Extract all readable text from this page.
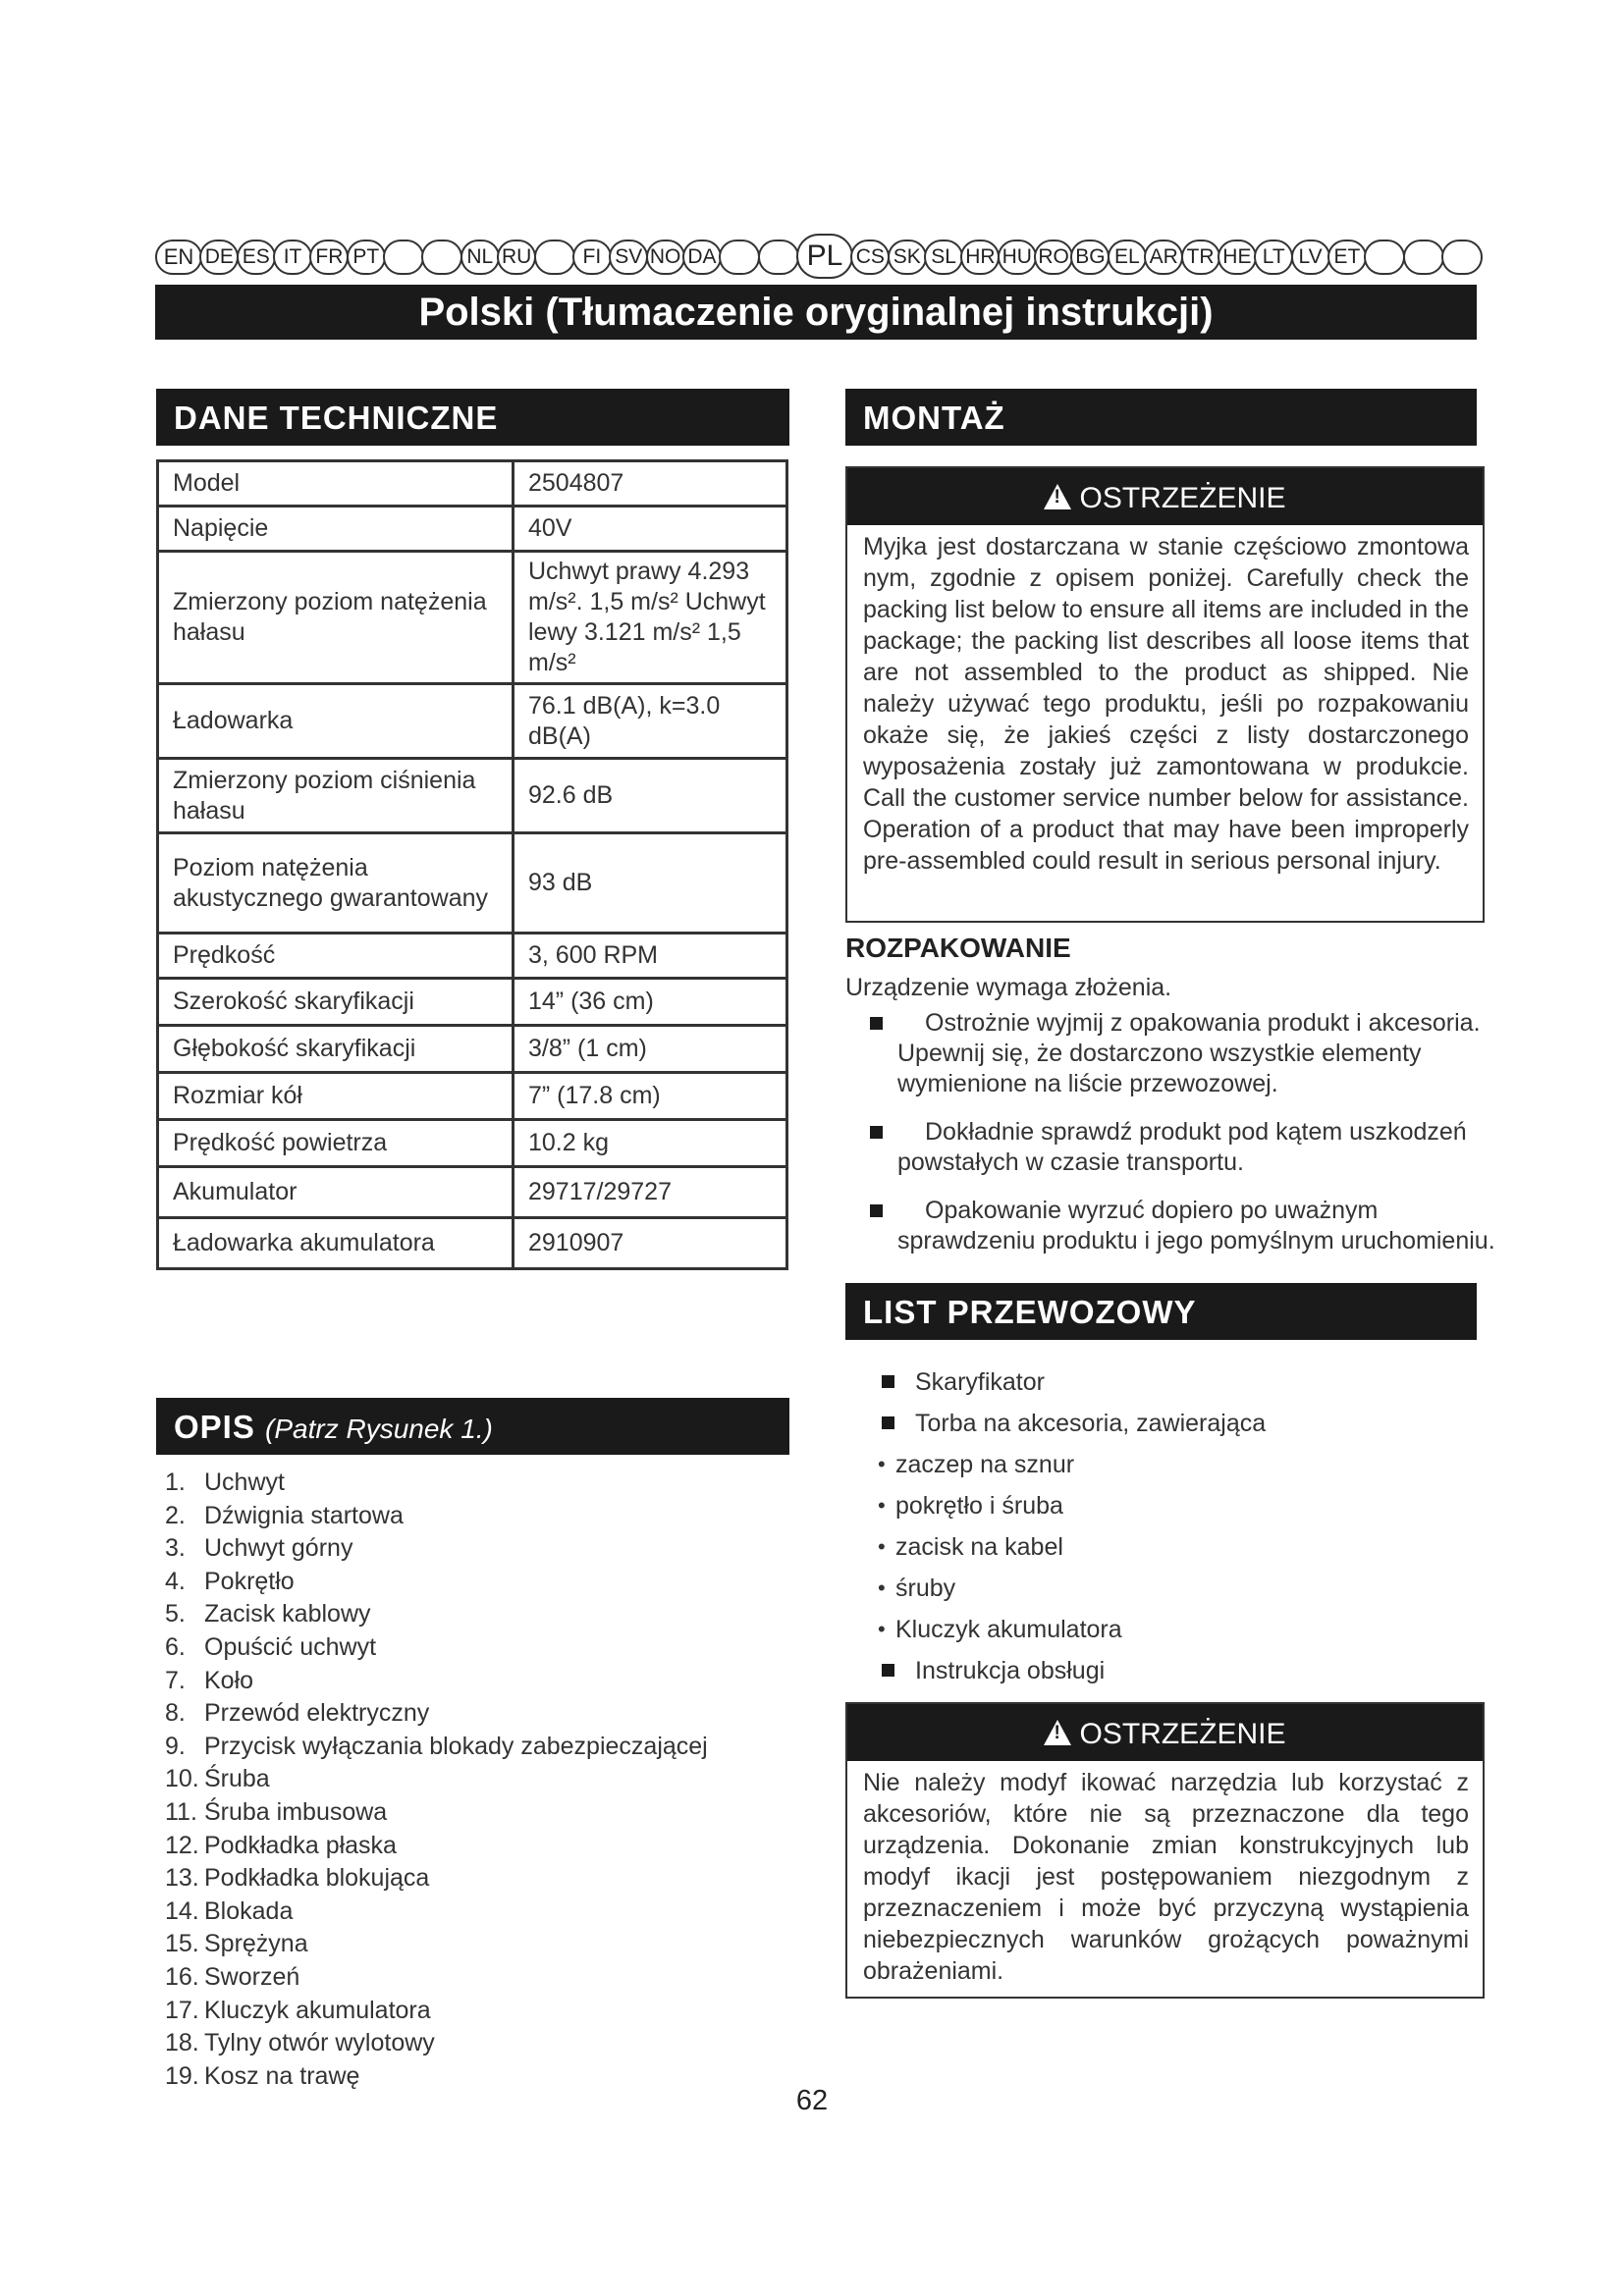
EN DE ES IT FR PT	NL RU	FI SV NO DA	PL CS SK SL HR HU RO BG EL AR TR HE LT LV ET
Polski (Tłumaczenie oryginalnej instrukcji)
DANE TECHNICZNE
Model	2504807
Napięcie	40V
Zmierzony poziom natężenia hałasu	Uchwyt prawy 4.293 m/s². 1,5 m/s² Uchwyt lewy 3.121 m/s² 1,5 m/s²
Ładowarka	76.1 dB(A), k=3.0 dB(A)
Zmierzony poziom ciśnienia hałasu	92.6 dB
Poziom natężenia akustycznego gwarantowany	93 dB
Prędkość	3, 600 RPM
Szerokość skaryfikacji	14” (36 cm)
Głębokość skaryfikacji	3/8” (1 cm)
Rozmiar kół	7” (17.8 cm)
Prędkość powietrza	10.2 kg
Akumulator	29717/29727
Ładowarka akumulatora	2910907
OPIS (Patrz Rysunek 1.)
1. Uchwyt
2. Dźwignia startowa
3. Uchwyt górny
4. Pokrętło
5. Zacisk kablowy
6. Opuścić uchwyt
7. Koło
8. Przewód elektryczny
9. Przycisk wyłączania blokady zabezpieczającej
10. Śruba
11. Śruba imbusowa
12. Podkładka płaska
13. Podkładka blokująca
14. Blokada
15. Sprężyna
16. Sworzeń
17. Kluczyk akumulatora
18. Tylny otwór wylotowy
19. Kosz na trawę
MONTAŻ
!OSTRZEŻENIE
Myjka jest dostarczana w stanie częściowo zmontowa nym, zgodnie z opisem poniżej. Carefully check the packing list below to ensure all items are included in the package; the packing list describes all loose items that are not assembled to the product as shipped. Nie należy używać tego produktu, jeśli po rozpakowaniu okaże się, że jakieś części z listy dostarczonego wyposażenia zostały już zamontowana w produkcie. Call the customer service number below for assistance. Operation of a product that may have been improperly pre-assembled could result in serious personal injury.
ROZPAKOWANIE
Urządzenie wymaga złożenia.
Ostrożnie wyjmij z opakowania produkt i akcesoria. Upewnij się, że dostarczono wszystkie elementy wymienione na liście przewozowej.
Dokładnie sprawdź produkt pod kątem uszkodzeń powstałych w czasie transportu.
Opakowanie wyrzuć dopiero po uważnym sprawdzeniu produktu i jego pomyślnym uruchomieniu.
LIST PRZEWOZOWY
Skaryfikator
Torba na akcesoria, zawierająca
• zaczep na sznur
• pokrętło i śruba
• zacisk na kabel
• śruby
• Kluczyk akumulatora
Instrukcja obsługi
!OSTRZEŻENIE
Nie należy modyf ikować narzędzia lub korzystać z akcesoriów, które nie są przeznaczone dla tego urządzenia. Dokonanie zmian konstrukcyjnych lub modyf ikacji jest postępowaniem niezgodnym z przeznaczeniem i może być przyczyną wystąpienia niebezpiecznych warunków grożących poważnymi obrażeniami.
62
